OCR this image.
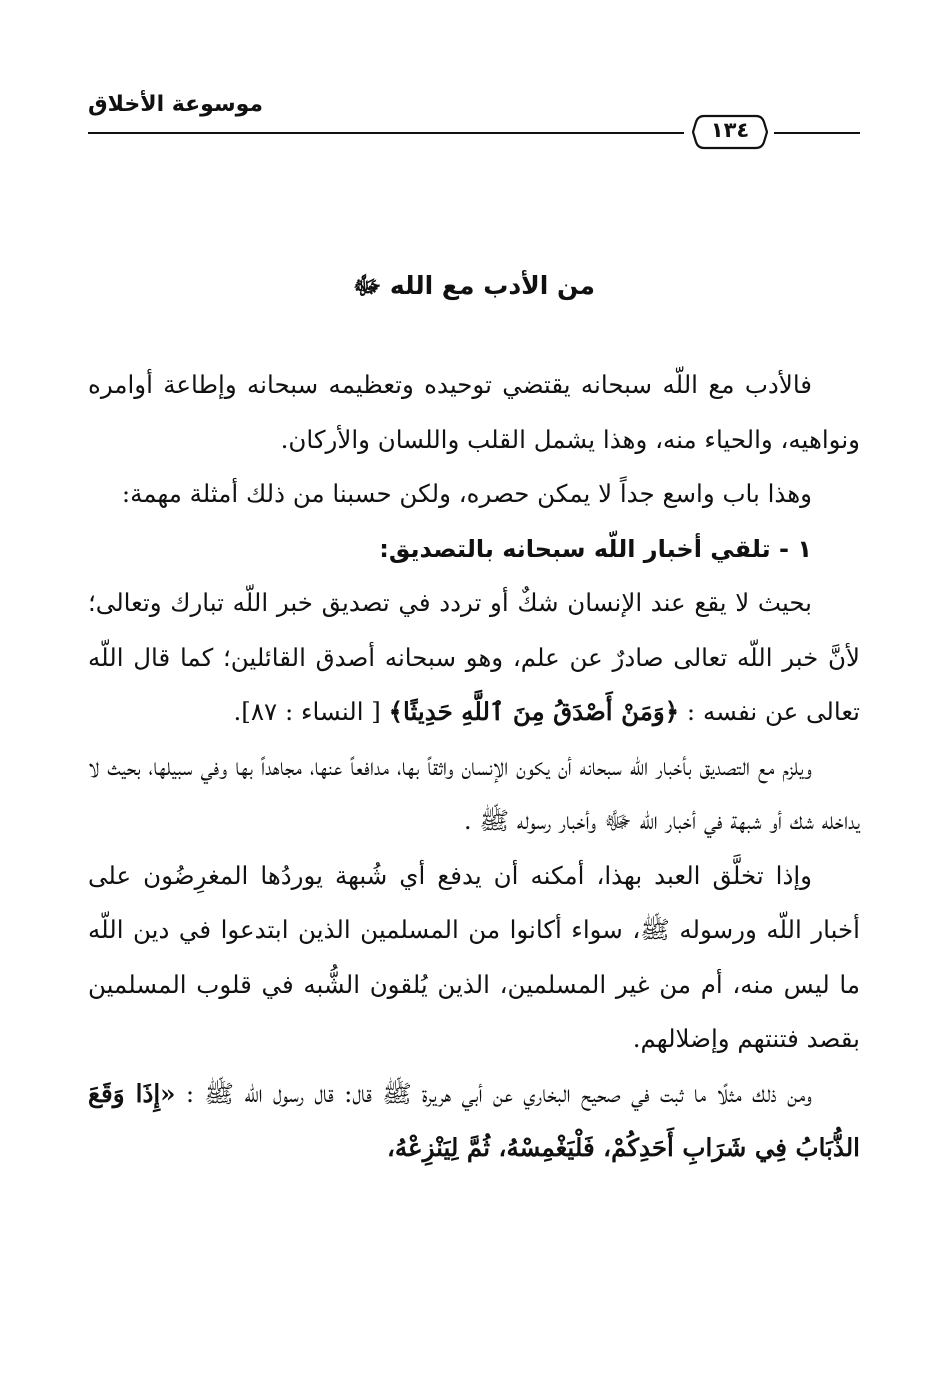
موسوعة الأخلاق
١٣٤
من الأدب مع الله ﷻ

فالأدب مع اللّه سبحانه يقتضي توحيده وتعظيمه سبحانه وإطاعة أوامره ونواهيه، والحياء منه، وهذا يشمل القلب واللسان والأركان.

وهذا باب واسع جداً لا يمكن حصره، ولكن حسبنا من ذلك أمثلة مهمة:

١ - تلقي أخبار اللّه سبحانه بالتصديق:

بحيث لا يقع عند الإنسان شكٌ أو تردد في تصديق خبر اللّه تبارك وتعالى؛ لأنَّ خبر اللّه تعالى صادرٌ عن علم، وهو سبحانه أصدق القائلين؛ كما قال اللّه تعالى عن نفسه : ﴿وَمَنْ أَصْدَقُ مِنَ ٱللَّهِ حَدِيثًا﴾ [ النساء : ٨٧].

ويلزم مع التصديق بأخبار اللّه سبحانه أن يكون الإنسان واثقاً بها، مدافعاً عنها، مجاهداً بها وفي سبيلها، بحيث لا يداخله شك أو شبهة في أخبار اللّه ﷻ وأخبار رسوله ﷺ .

وإذا تخلَّق العبد بهذا، أمكنه أن يدفع أي شُبهة يوردُها المغرِضُون على أخبار اللّه ورسوله ﷺ، سواء أكانوا من المسلمين الذين ابتدعوا في دين اللّه ما ليس منه، أم من غير المسلمين، الذين يُلقون الشُّبه في قلوب المسلمين بقصد فتنتهم وإضلالهم.

ومن ذلك مثلًا ما ثبت في صحيح البخاري عن أبي هريرة ﷺ قال: قال رسول اللّه ﷺ : «إِذَا وَقَعَ الذُّبَابُ فِي شَرَابِ أَحَدِكُمْ، فَلْيَغْمِسْهُ، ثُمَّ لِيَنْزِعْهُ،
